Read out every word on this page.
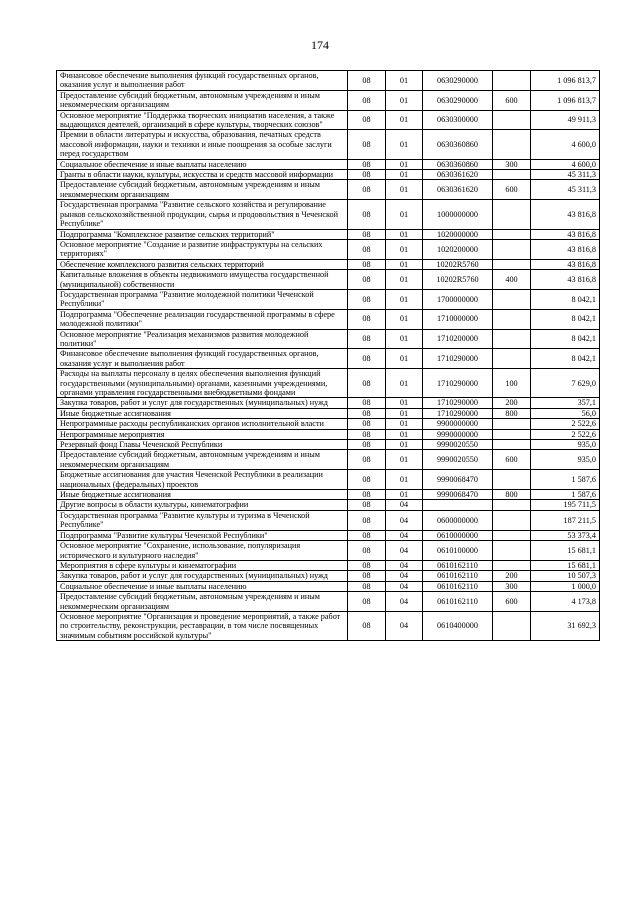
174
Финансовое обеспечение выполнения функций государственных органов, оказания услуг и выполнения работ	08	01	0630290000		1 096 813,7
Предоставление субсидий бюджетным, автономным учреждениям и иным некоммерческим организациям	08	01	0630290000	600	1 096 813,7
Основное мероприятие "Поддержка творческих инициатив населения, а также выдающихся деятелей, организаций в сфере культуры, творческих союзов"	08	01	0630300000		49 911,3
Премии в области литературы и искусства, образования, печатных средств массовой информации, науки и техники и иные поощрения за особые заслуги перед государством	08	01	0630360860		4 600,0
Социальное обеспечение и иные выплаты населению	08	01	0630360860	300	4 600,0
Гранты в области науки, культуры, искусства и средств массовой информации	08	01	0630361620		45 311,3
Предоставление субсидий бюджетным, автономным учреждениям и иным некоммерческим организациям	08	01	0630361620	600	45 311,3
Государственная программа "Развитие сельского хозяйства и регулирование рынков сельскохозяйственной продукции, сырья и продовольствия в Чеченской Республике"	08	01	1000000000		43 816,8
Подпрограмма "Комплексное развитие сельских территорий"	08	01	1020000000		43 816,8
Основное мероприятие "Создание и развитие инфраструктуры на сельских территориях"	08	01	1020200000		43 816,8
Обеспечение комплексного развития сельских территорий	08	01	10202R5760		43 816,8
Капитальные вложения в объекты недвижимого имущества государственной (муниципальной) собственности	08	01	10202R5760	400	43 816,8
Государственная программа "Развитие молодежной политики Чеченской Республики"	08	01	1700000000		8 042,1
Подпрограмма "Обеспечение реализации государственной программы в сфере молодежной политики"	08	01	1710000000		8 042,1
Основное мероприятие "Реализация механизмов развития молодежной политики"	08	01	1710200000		8 042,1
Финансовое обеспечение выполнения функций государственных органов, оказания услуг и выполнения работ	08	01	1710290000		8 042,1
Расходы на выплаты персоналу в целях обеспечения выполнения функций государственными (муниципальными) органами, казенными учреждениями, органами управления государственными внебюджетными фондами	08	01	1710290000	100	7 629,0
Закупка товаров, работ и услуг для государственных (муниципальных) нужд	08	01	1710290000	200	357,1
Иные бюджетные ассигнования	08	01	1710290000	800	56,0
Непрограммные расходы республиканских органов исполнительной власти	08	01	9900000000		2 522,6
Непрограммные мероприятия	08	01	9990000000		2 522,6
Резервный фонд Главы Чеченской Республики	08	01	9990020550		935,0
Предоставление субсидий бюджетным, автономным учреждениям и иным некоммерческим организациям	08	01	9990020550	600	935,0
Бюджетные ассигнования для участия Чеченской Республики в реализации национальных (федеральных) проектов	08	01	9990068470		1 587,6
Иные бюджетные ассигнования	08	01	9990068470	800	1 587,6
Другие вопросы в области культуры, кинематографии	08	04			195 711,5
Государственная программа "Развитие культуры и туризма в Чеченской Республике"	08	04	0600000000		187 211,5
Подпрограмма "Развитие культуры Чеченской Республики"	08	04	0610000000		53 373,4
Основное мероприятие "Сохранение, использование, популяризация исторического и культурного наследия"	08	04	0610100000		15 681,1
Мероприятия в сфере культуры и кинематографии	08	04	0610162110		15 681,1
Закупка товаров, работ и услуг для государственных (муниципальных) нужд	08	04	0610162110	200	10 507,3
Социальное обеспечение и иные выплаты населению	08	04	0610162110	300	1 000,0
Предоставление субсидий бюджетным, автономным учреждениям и иным некоммерческим организациям	08	04	0610162110	600	4 173,8
Основное мероприятие "Организация и проведение мероприятий, а также работ по строительству, реконструкции, реставрации, в том числе посвященных значимым событиям российской культуры"	08	04	0610400000		31 692,3
